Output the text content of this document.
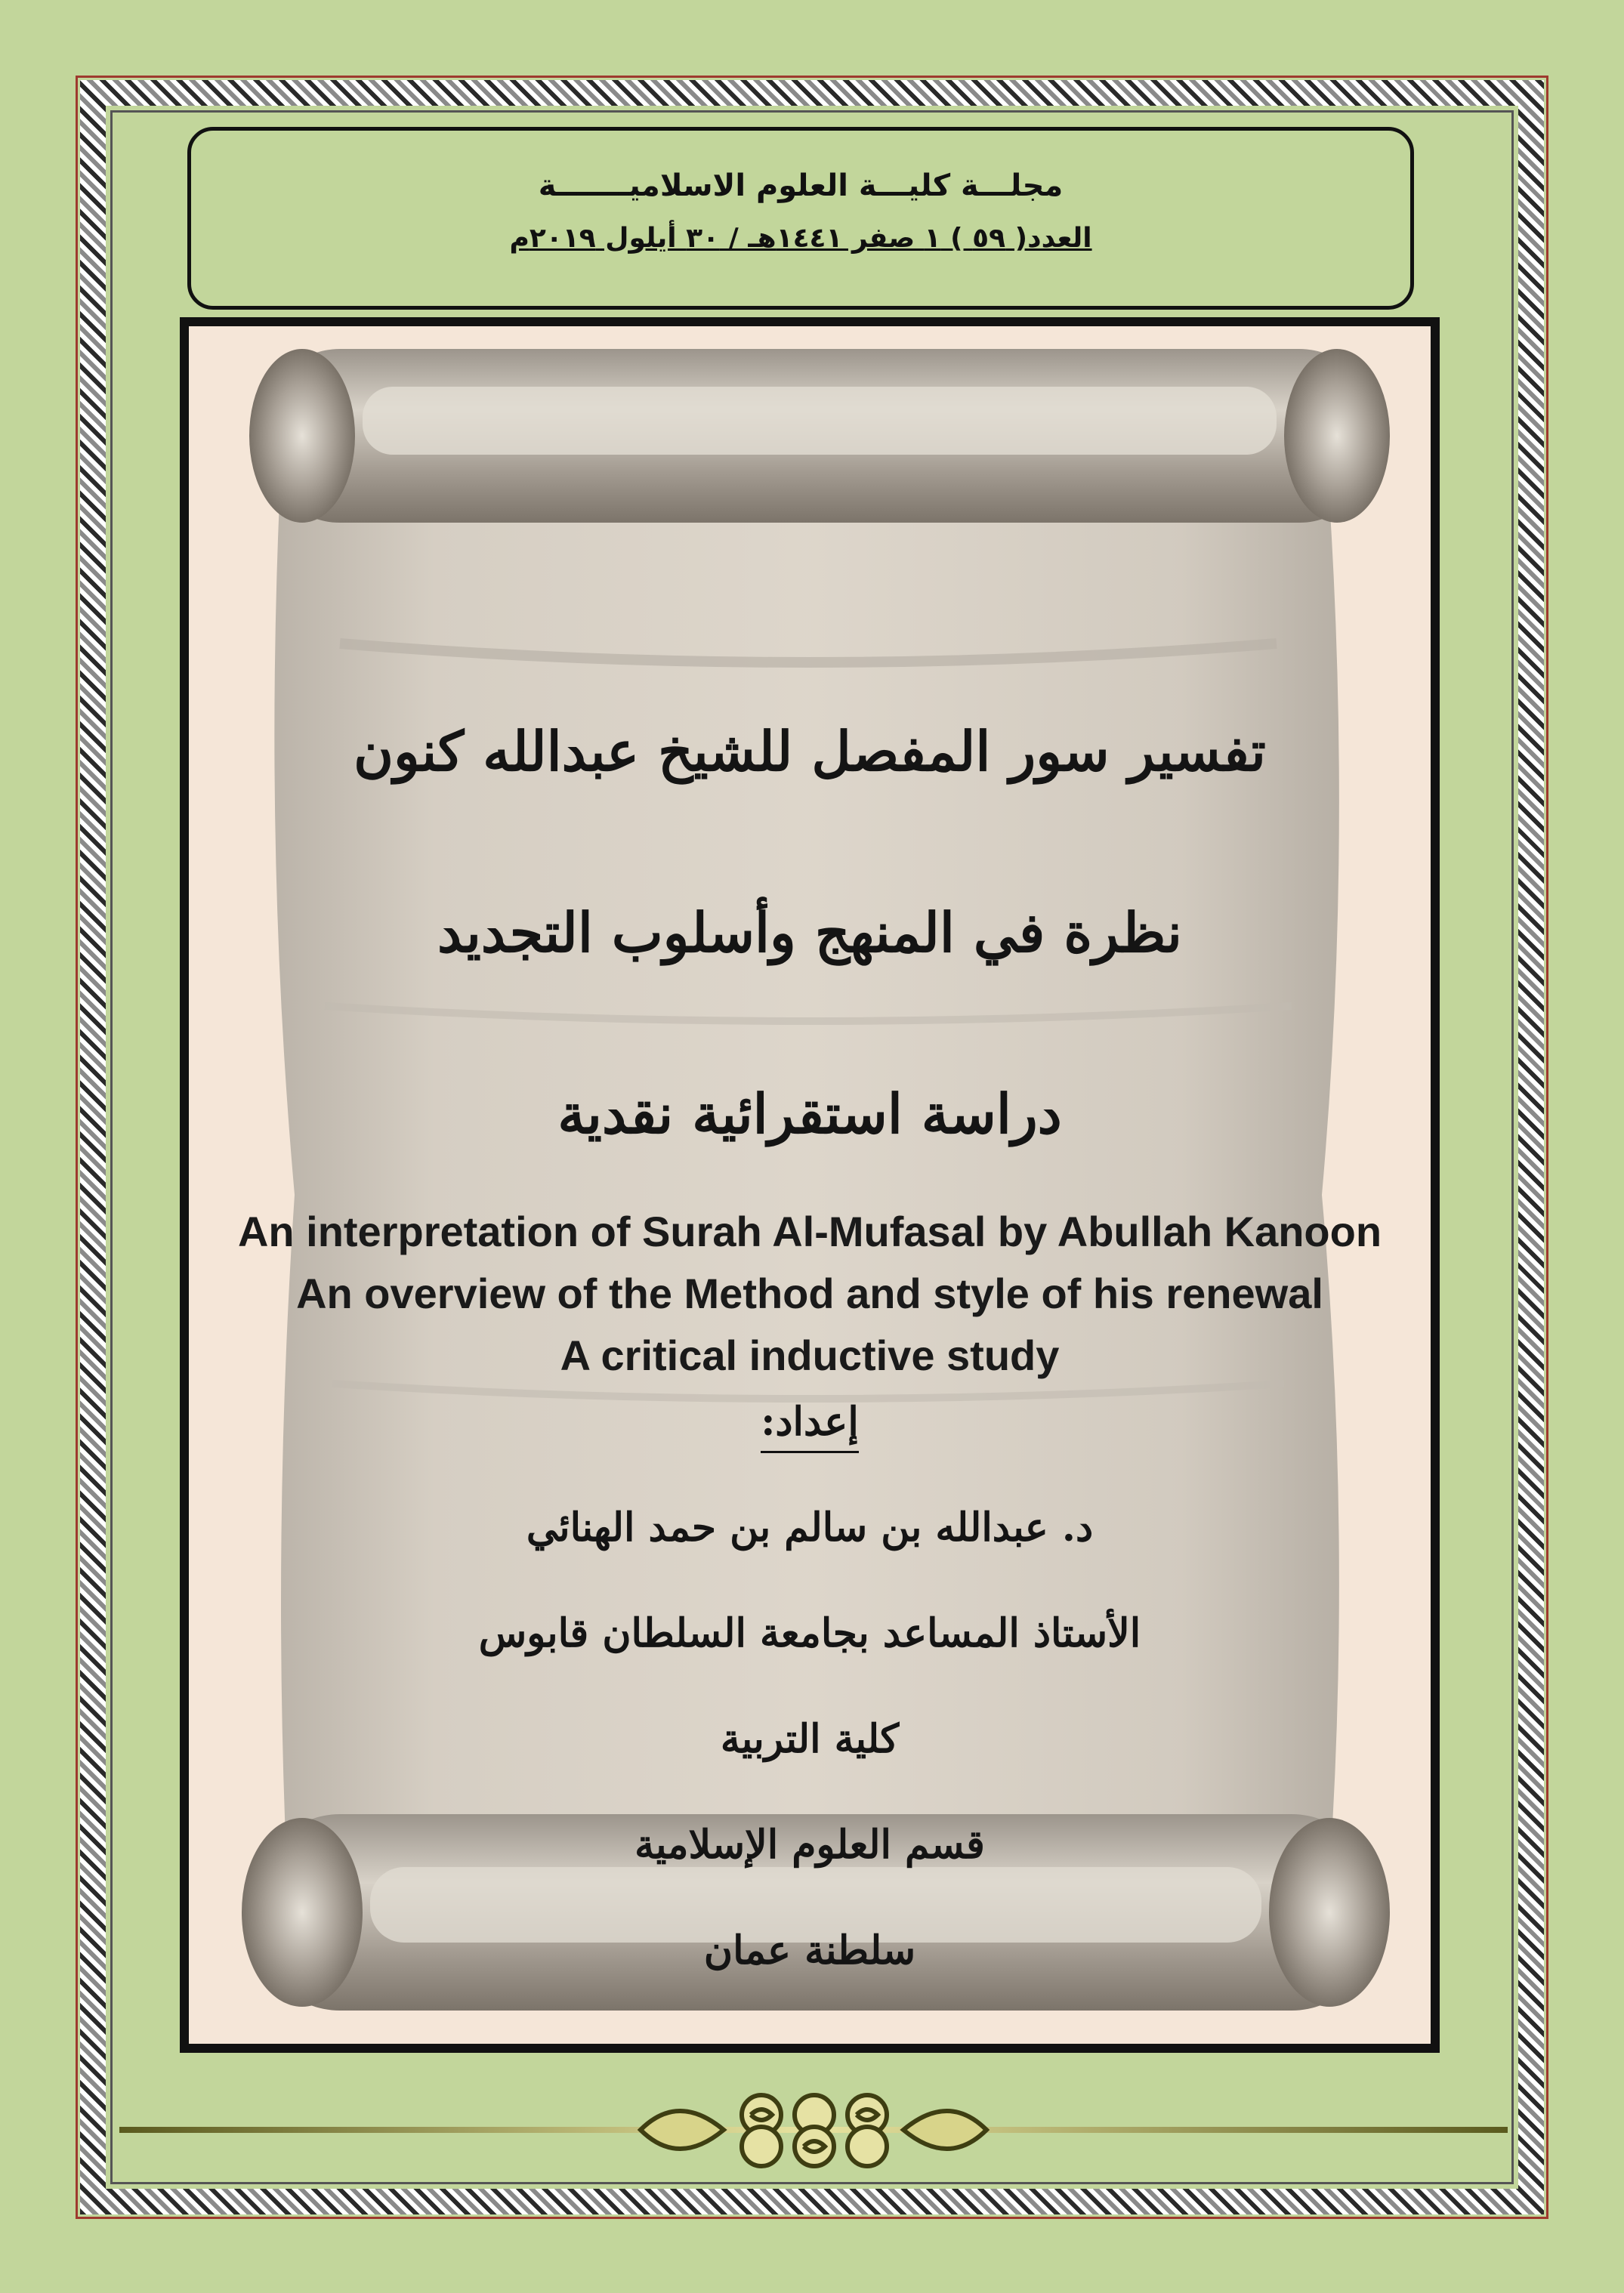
مجلـــة كليـــة العلوم الاسلاميـــــــة
العدد( ٥٩ ) ١ صفر ١٤٤١هـ / ٣٠ أيلول ٢٠١٩م
تفسير سور المفصل للشيخ عبدالله كنون
نظرة في المنهج وأسلوب التجديد
دراسة استقرائية نقدية
An interpretation of Surah Al-Mufasal by Abullah Kanoon
An overview of the Method and style of his renewal
A critical inductive study
إعداد:
د. عبدالله بن سالم بن حمد الهنائي
الأستاذ المساعد بجامعة السلطان قابوس
كلية التربية
قسم العلوم الإسلامية
سلطنة عمان
